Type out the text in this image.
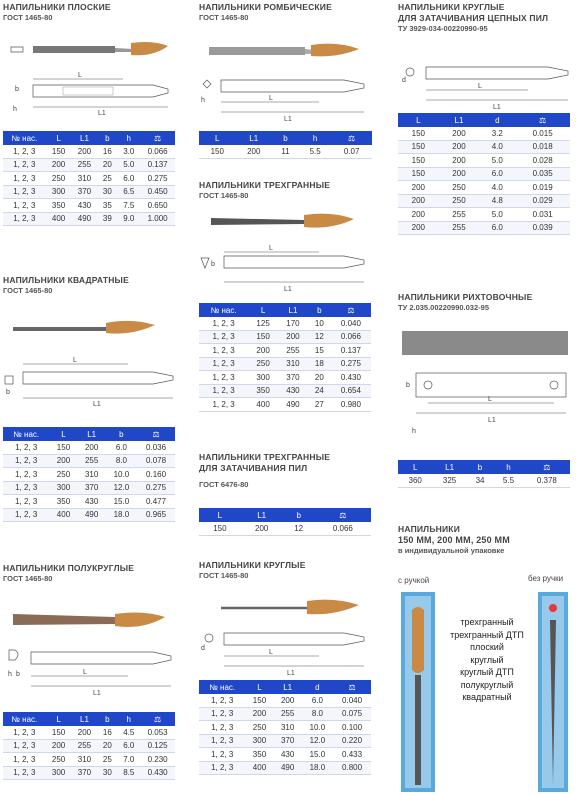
НАПИЛЬНИКИ ПЛОСКИЕ
ГОСТ 1465-80
L
L1
b
h
№ нас.	L	L1	b	h	⚖
1, 2, 3	150	200	16	3.0	0.066
1, 2, 3	200	255	20	5.0	0.137
1, 2, 3	250	310	25	6.0	0.275
1, 2, 3	300	370	30	6.5	0.450
1, 2, 3	350	430	35	7.5	0.650
1, 2, 3	400	490	39	9.0	1.000
НАПИЛЬНИКИ КВАДРАТНЫЕ
ГОСТ 1465-80
L
L1
b
№ нас.	L	L1	b	⚖
1, 2, 3	150	200	6.0	0.036
1, 2, 3	200	255	8.0	0.078
1, 2, 3	250	310	10.0	0.160
1, 2, 3	300	370	12.0	0.275
1, 2, 3	350	430	15.0	0.477
1, 2, 3	400	490	18.0	0.965
НАПИЛЬНИКИ ПОЛУКРУГЛЫЕ
ГОСТ 1465-80
L
L1
h b
№ нас.	L	L1	b	h	⚖
1, 2, 3	150	200	16	4.5	0.053
1, 2, 3	200	255	20	6.0	0.125
1, 2, 3	250	310	25	7.0	0.230
1, 2, 3	300	370	30	8.5	0.430
НАПИЛЬНИКИ РОМБИЧЕСКИЕ
ГОСТ 1465-80
L
L1
h
L	L1	b	h	⚖
150	200	11	5.5	0.07
НАПИЛЬНИКИ ТРЕХГРАННЫЕ
ГОСТ 1465-80
L
L1
b
№ нас.	L	L1	b	⚖
1, 2, 3	125	170	10	0.040
1, 2, 3	150	200	12	0.066
1, 2, 3	200	255	15	0.137
1, 2, 3	250	310	18	0.275
1, 2, 3	300	370	20	0.430
1, 2, 3	350	430	24	0.654
1, 2, 3	400	490	27	0.980
НАПИЛЬНИКИ ТРЕХГРАННЫЕ
ДЛЯ ЗАТАЧИВАНИЯ ПИЛ
ГОСТ 6476-80
L	L1	b	⚖
150	200	12	0.066
НАПИЛЬНИКИ КРУГЛЫЕ
ГОСТ 1465-80
L
L1
d
№ нас.	L	L1	d	⚖
1, 2, 3	150	200	6.0	0.040
1, 2, 3	200	255	8.0	0.075
1, 2, 3	250	310	10.0	0.100
1, 2, 3	300	370	12.0	0.220
1, 2, 3	350	430	15.0	0.433
1, 2, 3	400	490	18.0	0.800
НАПИЛЬНИКИ КРУГЛЫЕ
ДЛЯ ЗАТАЧИВАНИЯ ЦЕПНЫХ ПИЛ
ТУ 3929-034-00220990-95
L
L1
d
L	L1	d	⚖
150	200	3.2	0.015
150	200	4.0	0.018
150	200	5.0	0.028
150	200	6.0	0.035
200	250	4.0	0.019
200	250	4.8	0.029
200	255	5.0	0.031
200	255	6.0	0.039
НАПИЛЬНИКИ РИХТОВОЧНЫЕ
ТУ 2.035.00220990.032-95
L
L1
b
h
L	L1	b	h	⚖
360	325	34	5.5	0.378
НАПИЛЬНИКИ
150 ММ, 200 ММ, 250 ММ
в индивидуальной упаковке
с ручкой	без ручки
трехгранный
трехгранный ДТП
плоский
круглый
круглый ДТП
полукруглый
квадратный
